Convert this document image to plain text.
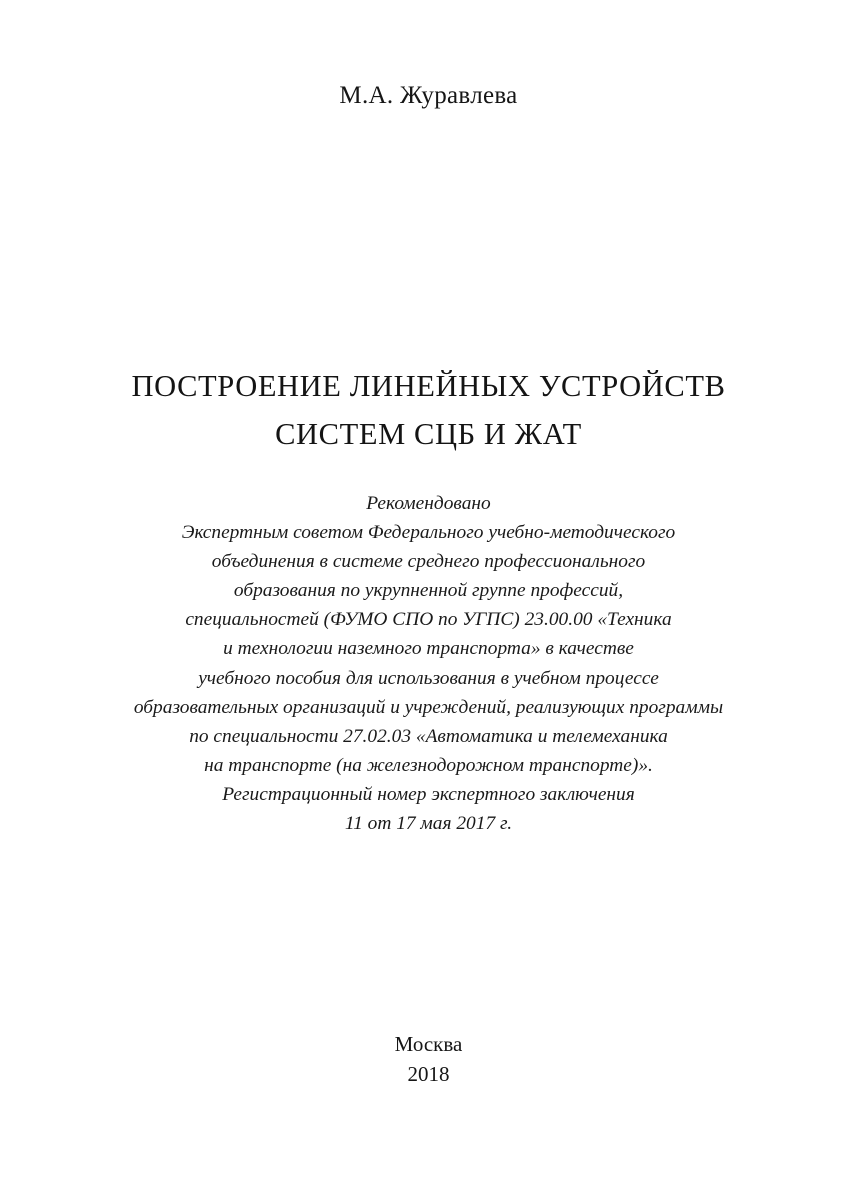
М.А. Журавлева
ПОСТРОЕНИЕ ЛИНЕЙНЫХ УСТРОЙСТВ
СИСТЕМ СЦБ И ЖАТ
Рекомендовано
Экспертным советом Федерального учебно-методического
объединения в системе среднего профессионального
образования по укрупненной группе профессий,
специальностей (ФУМО СПО по УГПС) 23.00.00 «Техника
и технологии наземного транспорта» в качестве
учебного пособия для использования в учебном процессе
образовательных организаций и учреждений, реализующих программы
по специальности 27.02.03 «Автоматика и телемеханика
на транспорте (на железнодорожном транспорте)».
Регистрационный номер экспертного заключения
11 от 17 мая 2017 г.
Москва
2018
